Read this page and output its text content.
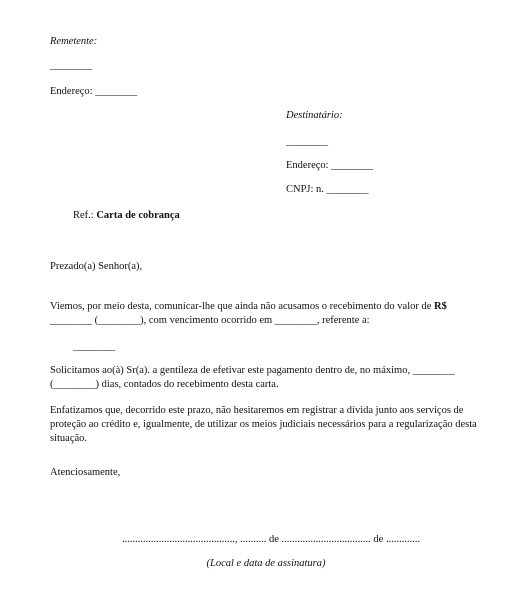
Remetente:
________
Endereço: ________
Destinatário:
________
Endereço: ________
CNPJ: n. ________
Ref.: Carta de cobrança
Prezado(a) Senhor(a),
Viemos, por meio desta, comunicar-lhe que ainda não acusamos o recebimento do valor de R$
________ (________), com vencimento ocorrido em ________, referente a:
________
Solicitamos ao(à) Sr(a). a gentileza de efetivar este pagamento dentro de, no máximo, ________
(________) dias, contados do recebimento desta carta.
Enfatizamos que, decorrido este prazo, não hesitaremos em registrar a dívida junto aos serviços de proteção ao crédito e, igualmente, de utilizar os meios judiciais necessários para a regularização desta situação.
Atenciosamente,
..........................................., .......... de .................................. de .............
(Local e data de assinatura)
